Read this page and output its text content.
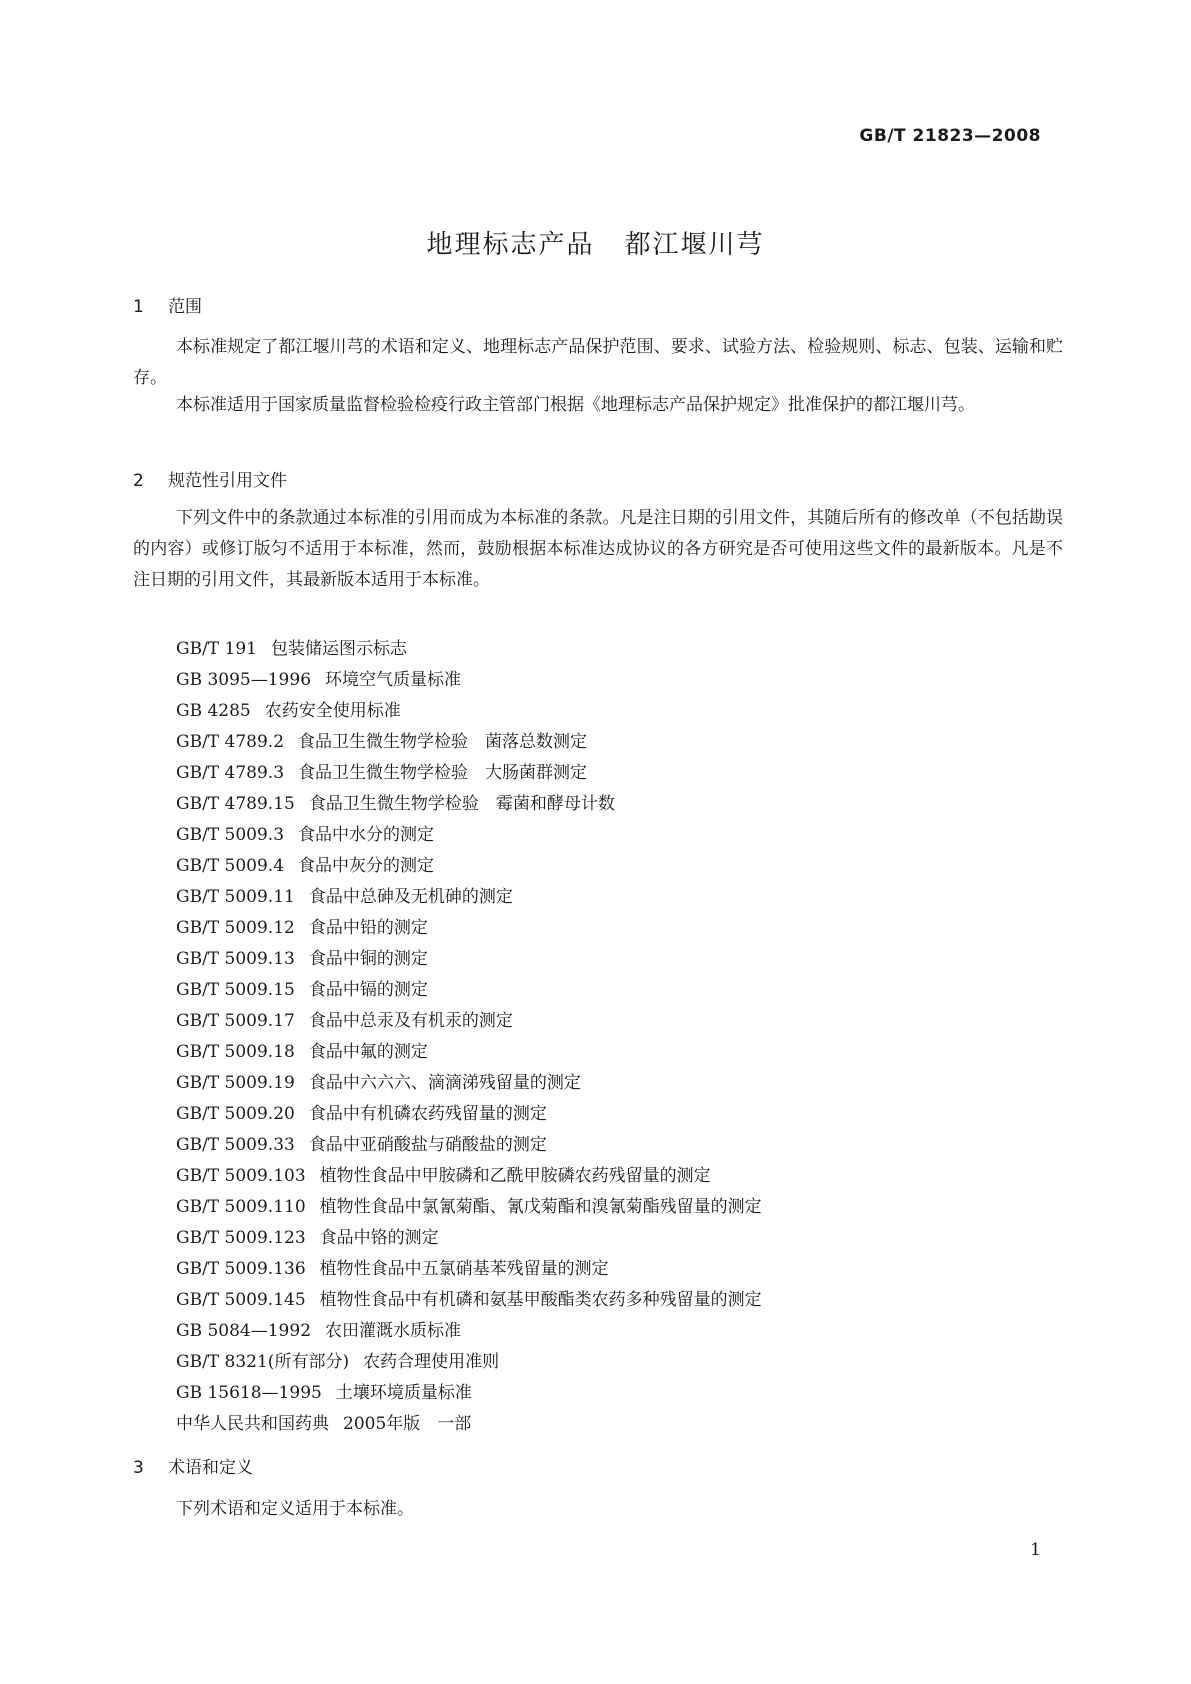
GB/T 21823—2008
地理标志产品 都江堰川芎
1 范围
本标准规定了都江堰川芎的术语和定义、地理标志产品保护范围、要求、试验方法、检验规则、标志、包装、运输和贮存。
本标准适用于国家质量监督检验检疫行政主管部门根据《地理标志产品保护规定》批准保护的都江堰川芎。
2 规范性引用文件
下列文件中的条款通过本标准的引用而成为本标准的条款。凡是注日期的引用文件，其随后所有的修改单（不包括勘误的内容）或修订版匀不适用于本标准，然而，鼓励根据本标准达成协议的各方研究是否可使用这些文件的最新版本。凡是不注日期的引用文件，其最新版本适用于本标准。
GB/T 191 包装储运图示标志
GB 3095—1996 环境空气质量标准
GB 4285 农药安全使用标准
GB/T 4789.2 食品卫生微生物学检验　菌落总数测定
GB/T 4789.3 食品卫生微生物学检验　大肠菌群测定
GB/T 4789.15 食品卫生微生物学检验　霉菌和酵母计数
GB/T 5009.3 食品中水分的测定
GB/T 5009.4 食品中灰分的测定
GB/T 5009.11 食品中总砷及无机砷的测定
GB/T 5009.12 食品中铅的测定
GB/T 5009.13 食品中铜的测定
GB/T 5009.15 食品中镉的测定
GB/T 5009.17 食品中总汞及有机汞的测定
GB/T 5009.18 食品中氟的测定
GB/T 5009.19 食品中六六六、滴滴涕残留量的测定
GB/T 5009.20 食品中有机磷农药残留量的测定
GB/T 5009.33 食品中亚硝酸盐与硝酸盐的测定
GB/T 5009.103 植物性食品中甲胺磷和乙酰甲胺磷农药残留量的测定
GB/T 5009.110 植物性食品中氯氰菊酯、氰戊菊酯和溴氰菊酯残留量的测定
GB/T 5009.123 食品中铬的测定
GB/T 5009.136 植物性食品中五氯硝基苯残留量的测定
GB/T 5009.145 植物性食品中有机磷和氨基甲酸酯类农药多种残留量的测定
GB 5084—1992 农田灌溉水质标准
GB/T 8321(所有部分) 农药合理使用准则
GB 15618—1995 土壤环境质量标准
中华人民共和国药典 2005年版　一部
3 术语和定义
下列术语和定义适用于本标准。
1
